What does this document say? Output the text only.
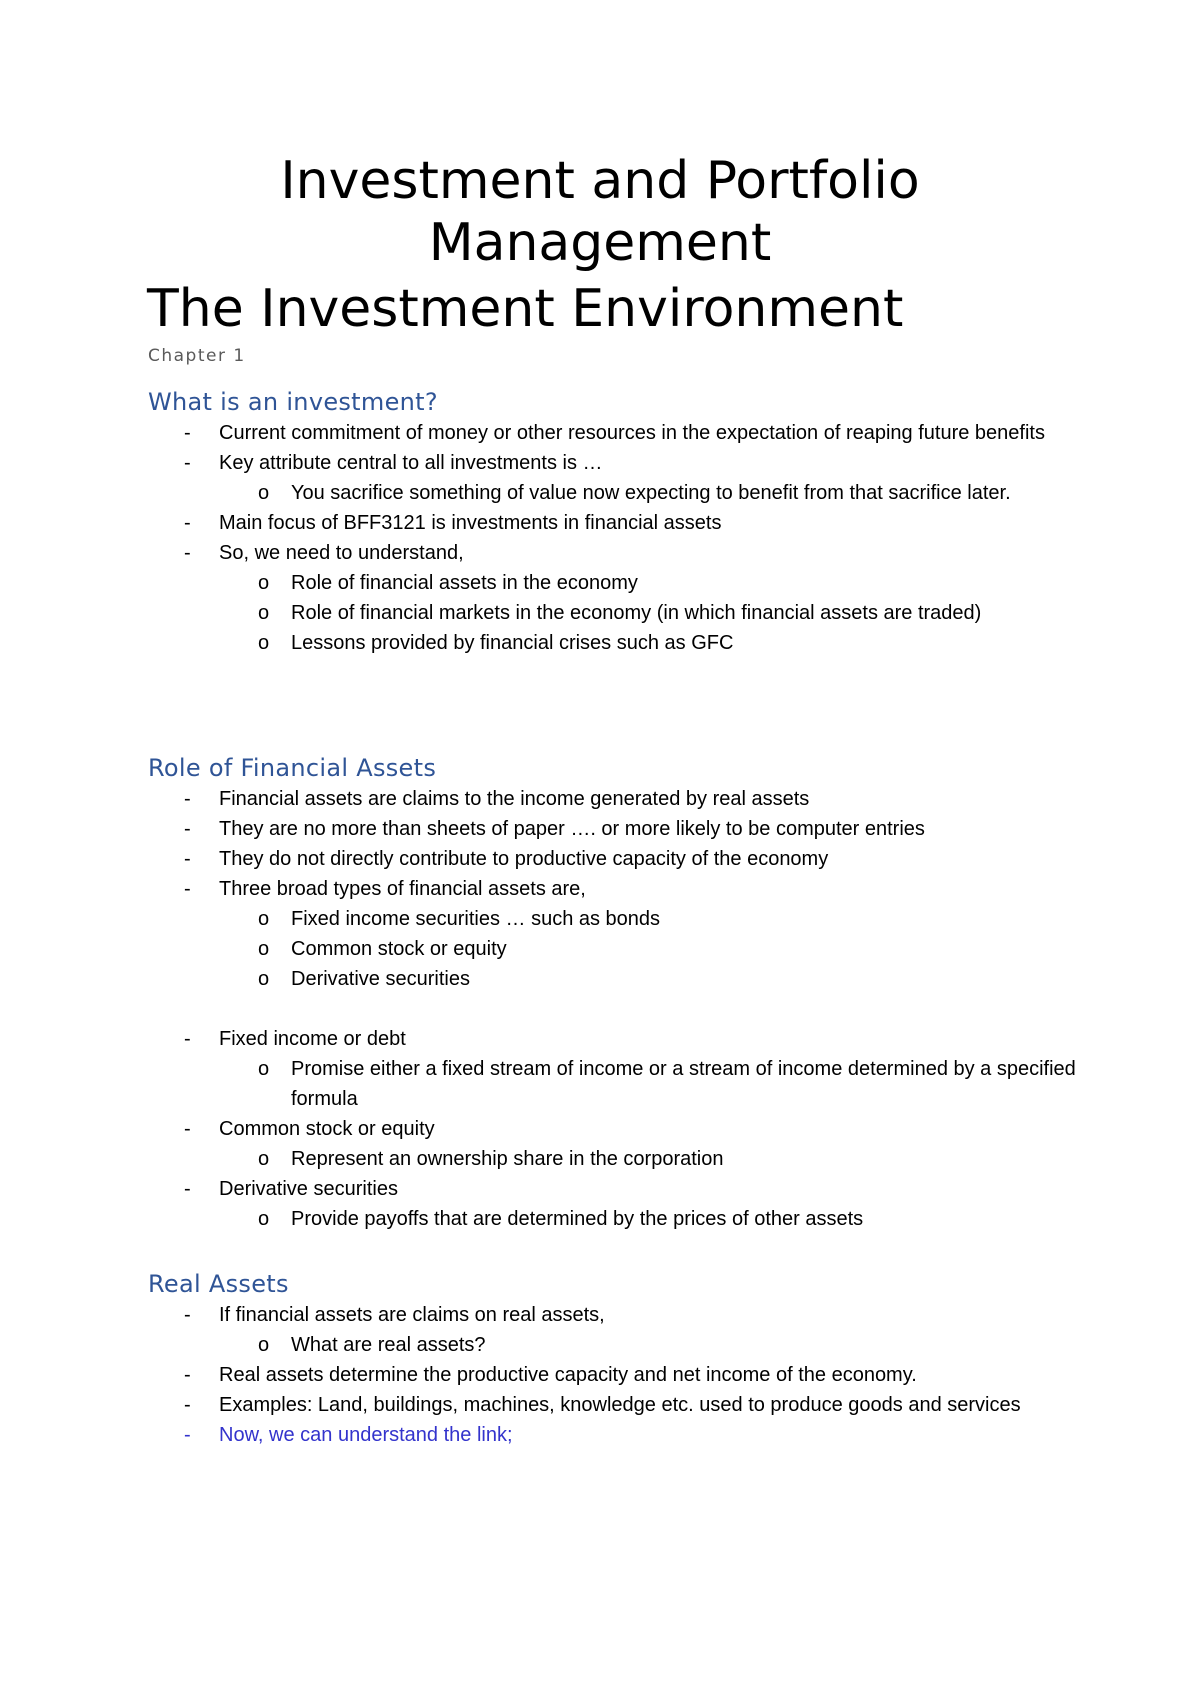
Investment and Portfolio
Management
The Investment Environment

Chapter 1

What is an investment?
- Current commitment of money or other resources in the expectation of reaping future benefits
- Key attribute central to all investments is …
o You sacrifice something of value now expecting to benefit from that sacrifice later.
- Main focus of BFF3121 is investments in financial assets
- So, we need to understand,
o Role of financial assets in the economy
o Role of financial markets in the economy (in which financial assets are traded)
o Lessons provided by financial crises such as GFC
Role of Financial Assets
- Financial assets are claims to the income generated by real assets
- They are no more than sheets of paper …. or more likely to be computer entries
- They do not directly contribute to productive capacity of the economy
- Three broad types of financial assets are,
o Fixed income securities … such as bonds
o Common stock or equity
o Derivative securities
- Fixed income or debt
o Promise either a fixed stream of income or a stream of income determined by a specified formula
- Common stock or equity
o Represent an ownership share in the corporation
- Derivative securities
o Provide payoffs that are determined by the prices of other assets
Real Assets
- If financial assets are claims on real assets,
o What are real assets?
- Real assets determine the productive capacity and net income of the economy.
- Examples: Land, buildings, machines, knowledge etc. used to produce goods and services
- Now, we can understand the link;
